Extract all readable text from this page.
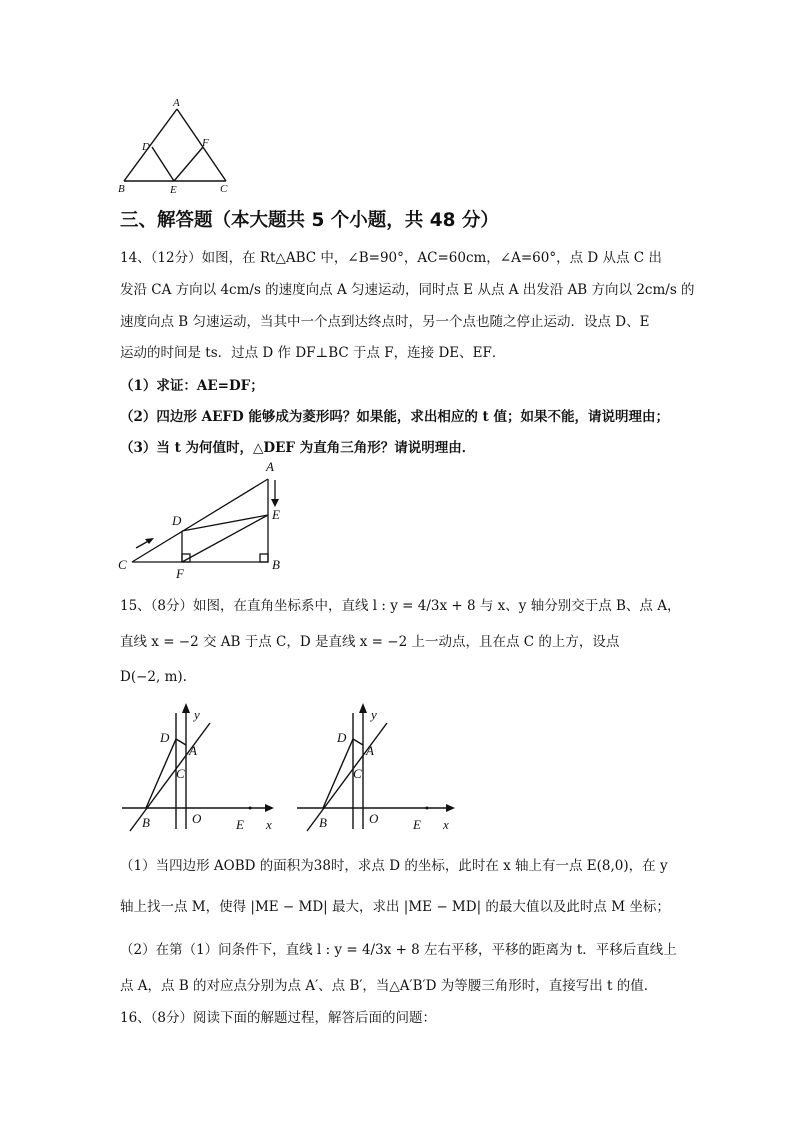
A
D	F
B	E	C
三、解答题（本大题共 5 个小题，共 48 分）
14、（12分）如图，在 Rt△ABC 中，∠B=90°，AC=60cm，∠A=60°，点 D 从点 C 出
发沿 CA 方向以 4cm/s 的速度向点 A 匀速运动，同时点 E 从点 A 出发沿 AB 方向以 2cm/s 的
速度向点 B 匀速运动，当其中一个点到达终点时，另一个点也随之停止运动．设点 D、E
运动的时间是 ts．过点 D 作 DF⊥BC 于点 F，连接 DE、EF．
（1）求证：AE=DF；
（2）四边形 AEFD 能够成为菱形吗？如果能，求出相应的 t 值；如果不能，请说明理由；
（3）当 t 为何值时，△DEF 为直角三角形？请说明理由．
A
E
D
C
F
B
15、（8分）如图，在直角坐标系中，直线 l : y = 4/3x + 8 与 x、y 轴分别交于点 B、点 A，
直线 x = −2 交 AB 于点 C，D 是直线 x = −2 上一动点，且在点 C 的上方，设点
D(−2, m).
y
D
A
C
B	O	E x
y
D
A
C
B	O	E x
（1）当四边形 AOBD 的面积为38时，求点 D 的坐标，此时在 x 轴上有一点 E(8,0)，在 y
轴上找一点 M，使得 |ME − MD| 最大，求出 |ME − MD| 的最大值以及此时点 M 坐标；
（2）在第（1）问条件下，直线 l : y = 4/3x + 8 左右平移，平移的距离为 t．平移后直线上
点 A，点 B 的对应点分别为点 A′、点 B′，当△A′B′D 为等腰三角形时，直接写出 t 的值．
16、（8分）阅读下面的解题过程，解答后面的问题：
